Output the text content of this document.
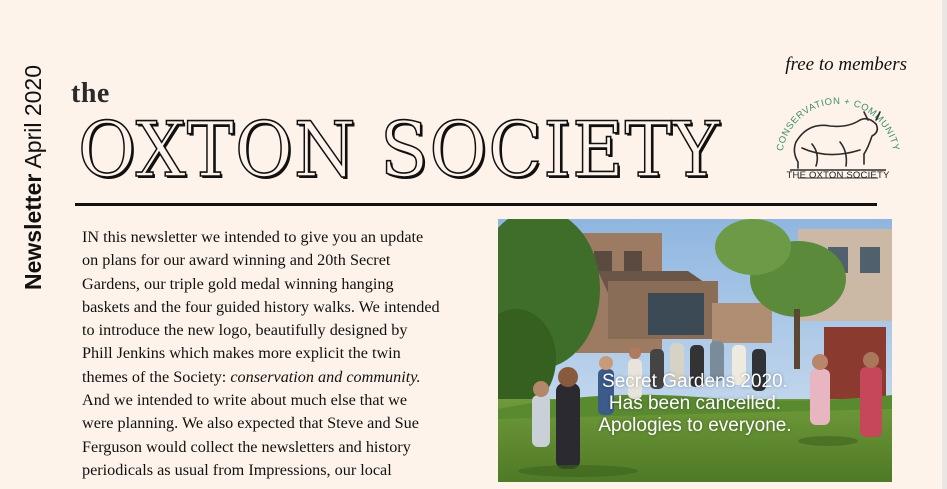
Newsletter April 2020
free to members
the
OXTON SOCIETY	CONSERVATION + COMMUNITY
THE OXTON SOCIETY
IN this newsletter we intended to give you an update
on plans for our award winning and 20th Secret
Gardens, our triple gold medal winning hanging
baskets and the four guided history walks. We intended
to introduce the new logo, beautifully designed by
Phill Jenkins which makes more explicit the twin
themes of the Society: conservation and community.
And we intended to write about much else that we
were planning. We also expected that Steve and Sue
Ferguson would collect the newsletters and history
periodicals as usual from Impressions, our local
Secret Gardens 2020.
Has been cancelled.
Apologies to everyone.
